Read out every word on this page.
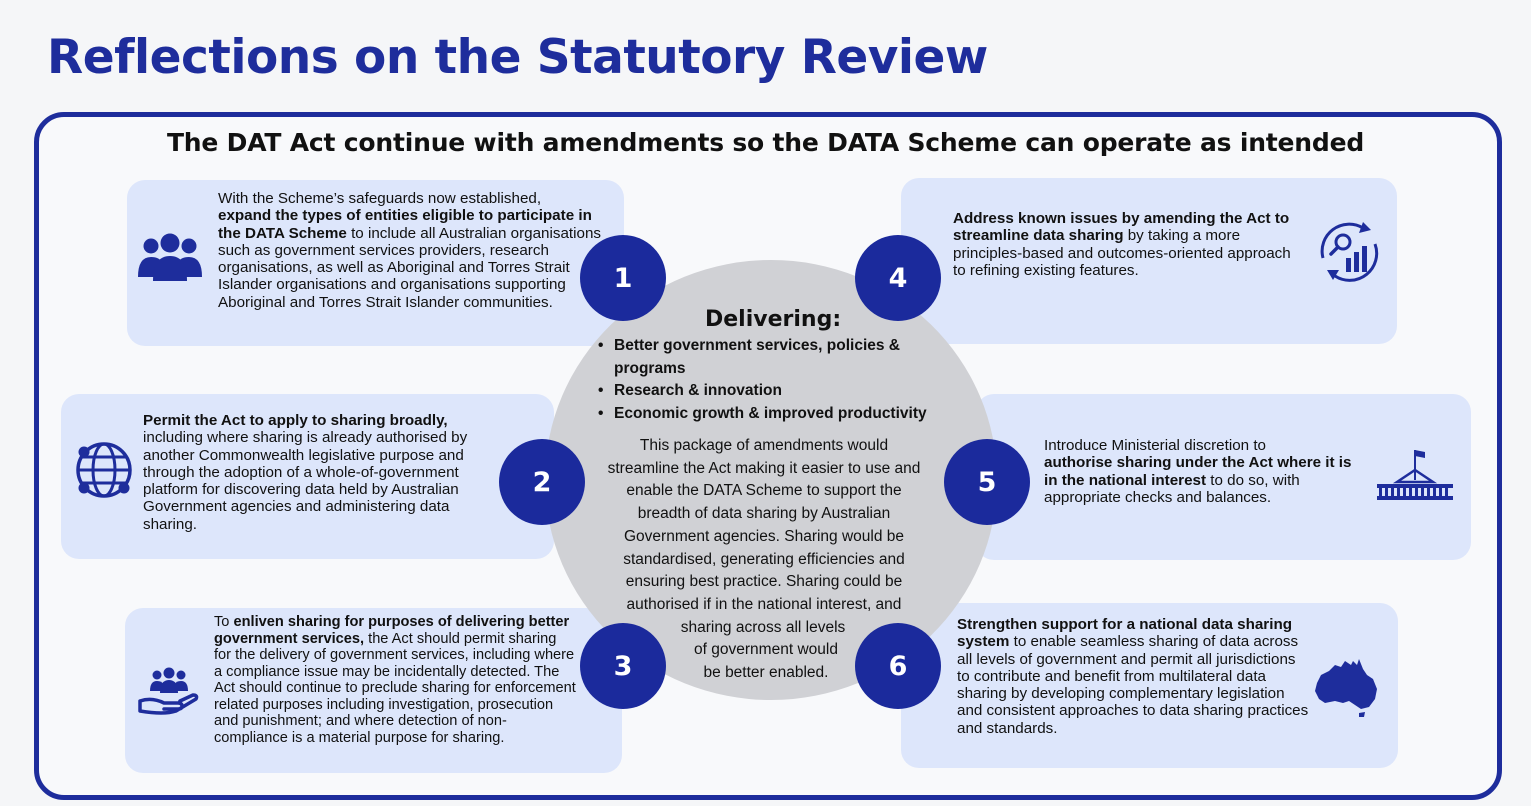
Reflections on the Statutory Review
The DAT Act continue with amendments so the DATA Scheme can operate as intended
With the Scheme’s safeguards now established,
expand the types of entities eligible to participate in the DATA Scheme to include all Australian organisations such as government services providers, research organisations, as well as Aboriginal and Torres Strait Islander organisations and organisations supporting Aboriginal and Torres Strait Islander communities.
Permit the Act to apply to sharing broadly,
including where sharing is already authorised by another Commonwealth legislative purpose and through the adoption of a whole-of-government platform for discovering data held by Australian Government agencies and administering data sharing.
To enliven sharing for purposes of delivering better government services, the Act should permit sharing for the delivery of government services, including where a compliance issue may be incidentally detected. The Act should continue to preclude sharing for enforcement related purposes including investigation, prosecution and punishment; and where detection of non-compliance is a material purpose for sharing.
Address known issues by amending the Act to streamline data sharing by taking a more principles-based and outcomes-oriented approach to refining existing features.
Introduce Ministerial discretion to
authorise sharing under the Act where it is in the national interest to do so, with appropriate checks and balances.
Strengthen support for a national data sharing system to enable seamless sharing of data across all levels of government and permit all jurisdictions to contribute and benefit from multilateral data sharing by developing complementary legislation and consistent approaches to data sharing practices and standards.
1
2
3
4
5
6
Delivering:
• Better government services, policies & programs
• Research & innovation
• Economic growth & improved productivity
This package of amendments would
streamline the Act making it easier to use and
enable the DATA Scheme to support the
breadth of data sharing by Australian
Government agencies. Sharing would be
standardised, generating efficiencies and
ensuring best practice. Sharing could be
authorised if in the national interest, and
sharing across all levels
of government would
be better enabled.
